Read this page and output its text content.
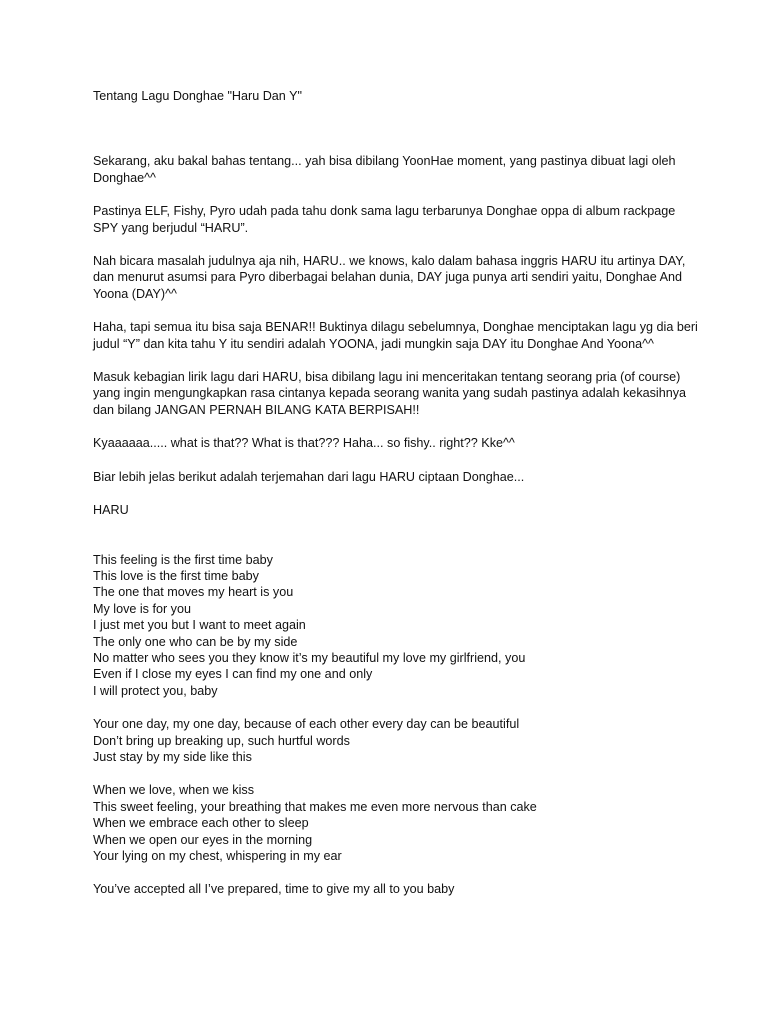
Tentang Lagu Donghae "Haru Dan Y"

Sekarang, aku bakal bahas tentang... yah bisa dibilang YoonHae moment, yang pastinya dibuat lagi oleh Donghae^^

Pastinya ELF, Fishy, Pyro udah pada tahu donk sama lagu terbarunya Donghae oppa di album rackpage SPY yang berjudul “HARU”.

Nah bicara masalah judulnya aja nih, HARU.. we knows, kalo dalam bahasa inggris HARU itu artinya DAY, dan menurut asumsi para Pyro diberbagai belahan dunia, DAY juga punya arti sendiri yaitu, Donghae And Yoona (DAY)^^

Haha, tapi semua itu bisa saja BENAR!! Buktinya dilagu sebelumnya, Donghae menciptakan lagu yg dia beri judul “Y” dan kita tahu Y itu sendiri adalah YOONA, jadi mungkin saja DAY itu Donghae And Yoona^^

Masuk kebagian lirik lagu dari HARU, bisa dibilang lagu ini menceritakan tentang seorang pria (of course) yang ingin mengungkapkan rasa cintanya kepada seorang wanita yang sudah pastinya adalah kekasihnya dan bilang JANGAN PERNAH BILANG KATA BERPISAH!!

Kyaaaaaa..... what is that?? What is that??? Haha... so fishy.. right?? Kke^^

Biar lebih jelas berikut adalah terjemahan dari lagu HARU ciptaan Donghae...

HARU

This feeling is the first time baby
This love is the first time baby
The one that moves my heart is you
My love is for you
I just met you but I want to meet again
The only one who can be by my side
No matter who sees you they know it’s my beautiful my love my girlfriend, you
Even if I close my eyes I can find my one and only
I will protect you, baby
Your one day, my one day, because of each other every day can be beautiful
Don’t bring up breaking up, such hurtful words
Just stay by my side like this
When we love, when we kiss
This sweet feeling, your breathing that makes me even more nervous than cake
When we embrace each other to sleep
When we open our eyes in the morning
Your lying on my chest, whispering in my ear
You’ve accepted all I’ve prepared, time to give my all to you baby
